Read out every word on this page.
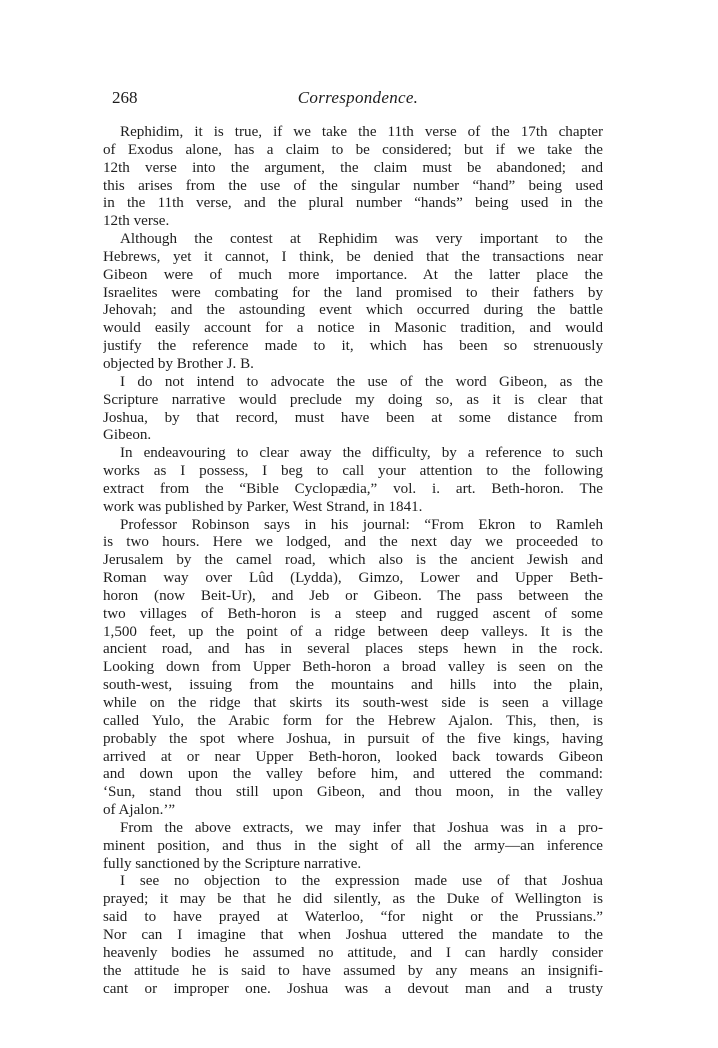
268	Correspondence.
Rephidim, it is true, if we take the 11th verse of the 17th chapter
of Exodus alone, has a claim to be considered; but if we take the
12th verse into the argument, the claim must be abandoned; and
this arises from the use of the singular number “hand” being used
in the 11th verse, and the plural number “hands” being used in the
12th verse.
Although the contest at Rephidim was very important to the
Hebrews, yet it cannot, I think, be denied that the transactions near
Gibeon were of much more importance. At the latter place the
Israelites were combating for the land promised to their fathers by
Jehovah; and the astounding event which occurred during the battle
would easily account for a notice in Masonic tradition, and would
justify the reference made to it, which has been so strenuously
objected by Brother J. B.
I do not intend to advocate the use of the word Gibeon, as the
Scripture narrative would preclude my doing so, as it is clear that
Joshua, by that record, must have been at some distance from
Gibeon.
In endeavouring to clear away the difficulty, by a reference to such
works as I possess, I beg to call your attention to the following
extract from the “Bible Cyclopædia,” vol. i. art. Beth-horon. The
work was published by Parker, West Strand, in 1841.
Professor Robinson says in his journal: “From Ekron to Ramleh
is two hours. Here we lodged, and the next day we proceeded to
Jerusalem by the camel road, which also is the ancient Jewish and
Roman way over Lûd (Lydda), Gimzo, Lower and Upper Beth-
horon (now Beit-Ur), and Jeb or Gibeon. The pass between the
two villages of Beth-horon is a steep and rugged ascent of some
1,500 feet, up the point of a ridge between deep valleys. It is the
ancient road, and has in several places steps hewn in the rock.
Looking down from Upper Beth-horon a broad valley is seen on the
south-west, issuing from the mountains and hills into the plain,
while on the ridge that skirts its south-west side is seen a village
called Yulo, the Arabic form for the Hebrew Ajalon. This, then, is
probably the spot where Joshua, in pursuit of the five kings, having
arrived at or near Upper Beth-horon, looked back towards Gibeon
and down upon the valley before him, and uttered the command:
‘Sun, stand thou still upon Gibeon, and thou moon, in the valley
of Ajalon.’”
From the above extracts, we may infer that Joshua was in a pro-
minent position, and thus in the sight of all the army—an inference
fully sanctioned by the Scripture narrative.
I see no objection to the expression made use of that Joshua
prayed; it may be that he did silently, as the Duke of Wellington is
said to have prayed at Waterloo, “for night or the Prussians.”
Nor can I imagine that when Joshua uttered the mandate to the
heavenly bodies he assumed no attitude, and I can hardly consider
the attitude he is said to have assumed by any means an insignifi-
cant or improper one. Joshua was a devout man and a trusty
